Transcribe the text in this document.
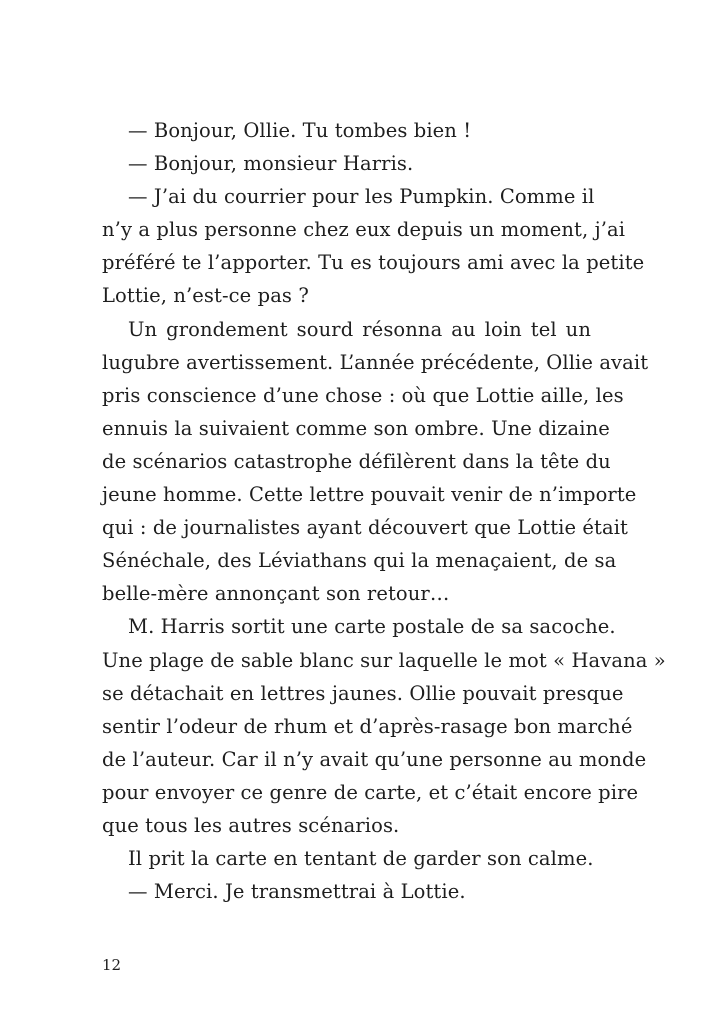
— Bonjour, Ollie. Tu tombes bien !
— Bonjour, monsieur Harris.
— J’ai du courrier pour les Pumpkin. Comme il
n’y a plus personne chez eux depuis un moment, j’ai
préféré te l’apporter. Tu es toujours ami avec la petite
Lottie, n’est-ce pas ?
Un grondement sourd résonna au loin tel un
lugubre avertissement. L’année précédente, Ollie avait
pris conscience d’une chose : où que Lottie aille, les
ennuis la suivaient comme son ombre. Une dizaine
de scénarios catastrophe défilèrent dans la tête du
jeune homme. Cette lettre pouvait venir de n’importe
qui : de journalistes ayant découvert que Lottie était
Sénéchale, des Léviathans qui la menaçaient, de sa
belle-mère annonçant son retour…
M. Harris sortit une carte postale de sa sacoche.
Une plage de sable blanc sur laquelle le mot « Havana »
se détachait en lettres jaunes. Ollie pouvait presque
sentir l’odeur de rhum et d’après-rasage bon marché
de l’auteur. Car il n’y avait qu’une personne au monde
pour envoyer ce genre de carte, et c’était encore pire
que tous les autres scénarios.
Il prit la carte en tentant de garder son calme.
— Merci. Je transmettrai à Lottie.
12
